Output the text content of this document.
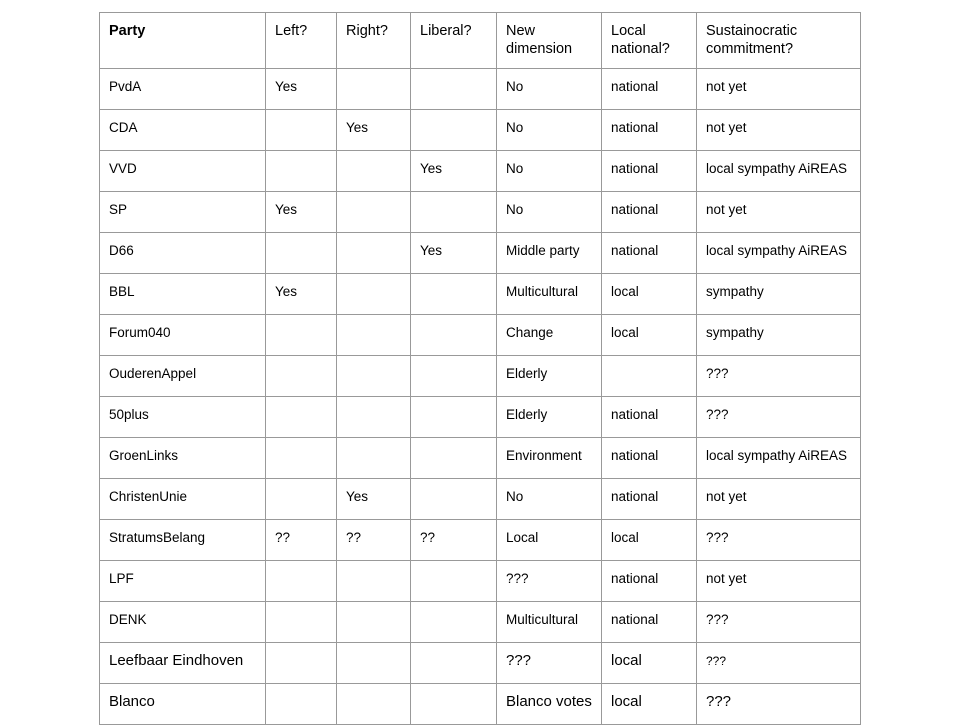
Party	Left?	Right?	Liberal?	New dimension	Local national?	Sustainocratic commitment?
PvdA	Yes			No	national	not yet
CDA		Yes		No	national	not yet
VVD			Yes	No	national	local sympathy AiREAS
SP	Yes			No	national	not yet
D66			Yes	Middle party	national	local sympathy AiREAS
BBL	Yes			Multicultural	local	sympathy
Forum040				Change	local	sympathy
OuderenAppel				Elderly		???
50plus				Elderly	national	???
GroenLinks				Environment	national	local sympathy AiREAS
ChristenUnie		Yes		No	national	not yet
StratumsBelang	??	??	??	Local	local	???
LPF				???	national	not yet
DENK				Multicultural	national	???
Leefbaar Eindhoven				???	local	???
Blanco				Blanco votes	local	???
